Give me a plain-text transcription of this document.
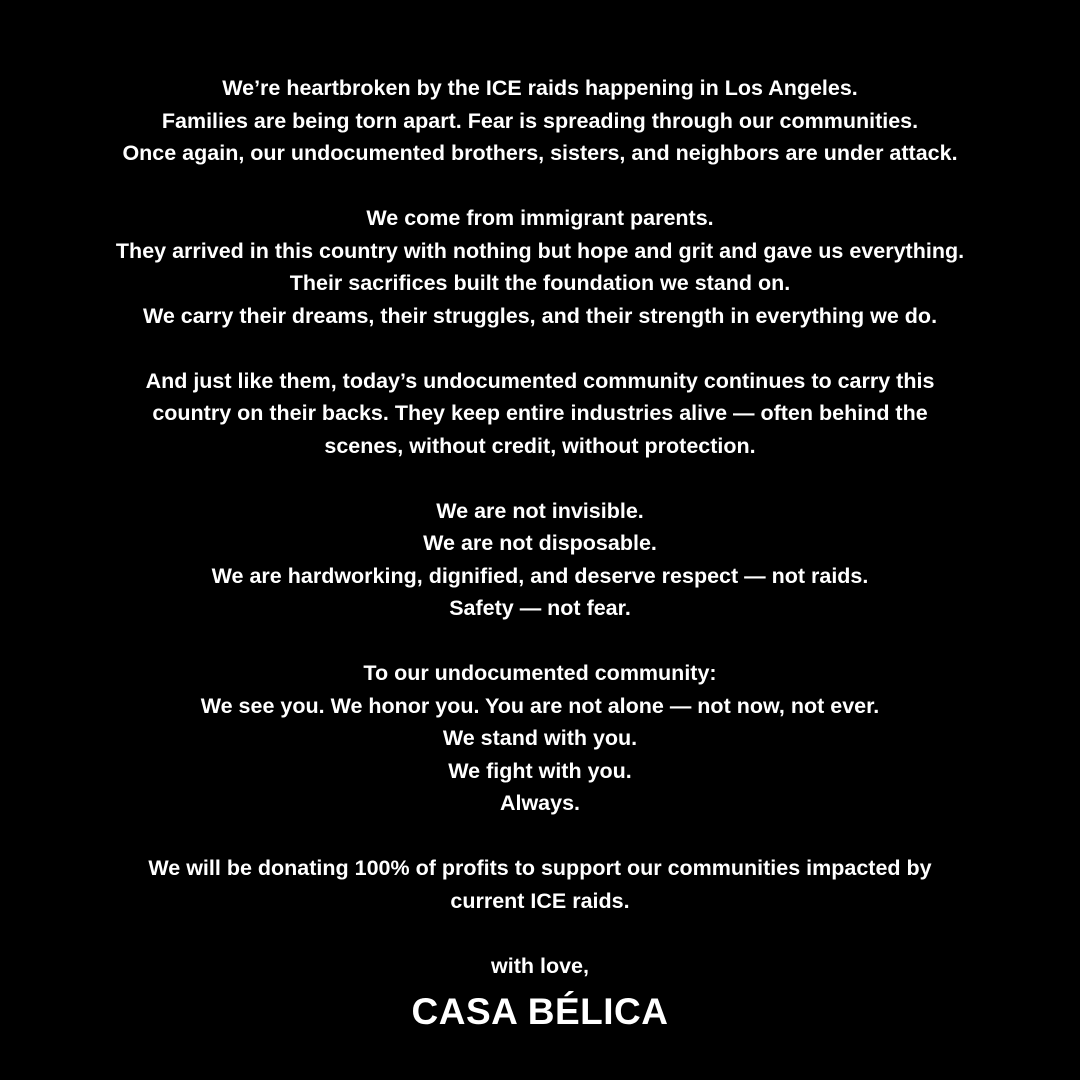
We’re heartbroken by the ICE raids happening in Los Angeles.
Families are being torn apart. Fear is spreading through our communities.
Once again, our undocumented brothers, sisters, and neighbors are under attack.

We come from immigrant parents.
They arrived in this country with nothing but hope and grit and gave us everything.
Their sacrifices built the foundation we stand on.
We carry their dreams, their struggles, and their strength in everything we do.

And just like them, today’s undocumented community continues to carry this
country on their backs. They keep entire industries alive — often behind the
scenes, without credit, without protection.

We are not invisible.
We are not disposable.
We are hardworking, dignified, and deserve respect — not raids.
Safety — not fear.

To our undocumented community:
We see you. We honor you. You are not alone — not now, not ever.
We stand with you.
We fight with you.
Always.

We will be donating 100% of profits to support our communities impacted by
current ICE raids.

with love,

CASA BÉLICA
